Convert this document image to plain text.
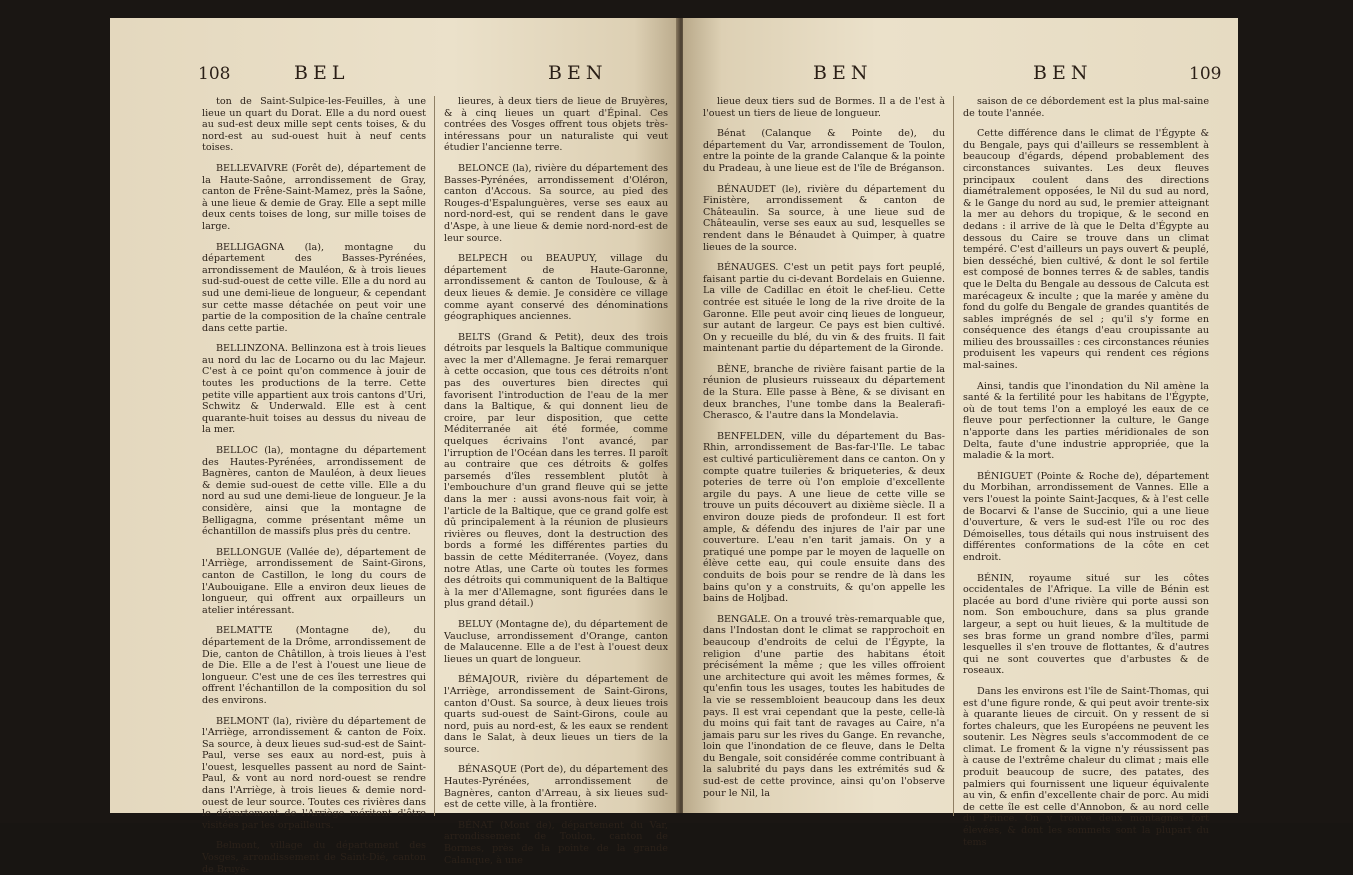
108	BEL	BEN

ton de Saint-Sulpice-les-Feuilles, à une lieue un quart du Dorat. Elle a du nord ouest au sud-est deux mille sept cents toises, & du nord-est au sud-ouest huit à neuf cents toises.

BELLEVAIVRE (Forêt de), département de la Haute-Saône, arrondissement de Gray, canton de Frêne-Saint-Mamez, près la Saône, à une lieue & demie de Gray. Elle a sept mille deux cents toises de long, sur mille toises de large.

BELLIGAGNA (la), montagne du département des Basses-Pyrénées, arrondissement de Mauléon, & à trois lieues sud-sud-ouest de cette ville. Elle a du nord au sud une demi-lieue de longueur, & cependant sur cette masse détachée on peut voir une partie de la composition de la chaîne centrale dans cette partie.

BELLINZONA. Bellinzona est à trois lieues au nord du lac de Locarno ou du lac Majeur. C'est à ce point qu'on commence à jouir de toutes les productions de la terre. Cette petite ville appartient aux trois cantons d'Uri, Schwitz & Underwald. Elle est à cent quarante-huit toises au dessus du niveau de la mer.

BELLOC (la), montagne du département des Hautes-Pyrénées, arrondissement de Bagnères, canton de Mauléon, à deux lieues & demie sud-ouest de cette ville. Elle a du nord au sud une demi-lieue de longueur. Je la considère, ainsi que la montagne de Belligagna, comme présentant même un échantillon de massifs plus près du centre.

BELLONGUE (Vallée de), département de l'Arriège, arrondissement de Saint-Girons, canton de Castillon, le long du cours de l'Aubouigane. Elle a environ deux lieues de longueur, qui offrent aux orpailleurs un atelier intéressant.

BELMATTE (Montagne de), du département de la Drôme, arrondissement de Die, canton de Châtillon, à trois lieues à l'est de Die. Elle a de l'est à l'ouest une lieue de longueur. C'est une de ces îles terrestres qui offrent l'échantillon de la composition du sol des environs.

BELMONT (la), rivière du département de l'Arriège, arrondissement & canton de Foix. Sa source, à deux lieues sud-sud-est de Saint-Paul, verse ses eaux au nord-est, puis à l'ouest, lesquelles passent au nord de Saint-Paul, & vont au nord nord-ouest se rendre dans l'Arriège, à trois lieues & demie nord-ouest de leur source. Toutes ces rivières dans le département de l'Arriège méritent d'être visitées par les orpailleurs.

Belmont, village du département des Vosges, arrondissement de Saint-Dié, canton de Bruyè-

lieures, à deux tiers de lieue de Bruyères, & à cinq lieues un quart d'Épinal. Ces contrées des Vosges offrent tous objets très-intéressans pour un naturaliste qui veut étudier l'ancienne terre.

BELONCE (la), rivière du département des Basses-Pyrénées, arrondissement d'Oléron, canton d'Accous. Sa source, au pied des Rouges-d'Espalunguères, verse ses eaux au nord-nord-est, qui se rendent dans le gave d'Aspe, à une lieue & demie nord-nord-est de leur source.

BELPECH ou BEAUPUY, village du département de Haute-Garonne, arrondissement & canton de Toulouse, & à deux lieues & demie. Je considère ce village comme ayant conservé des dénominations géographiques anciennes.

BELTS (Grand & Petit), deux des trois détroits par lesquels la Baltique communique avec la mer d'Allemagne. Je ferai remarquer à cette occasion, que tous ces détroits n'ont pas des ouvertures bien directes qui favorisent l'introduction de l'eau de la mer dans la Baltique, & qui donnent lieu de croire, par leur disposition, que cette Méditerranée ait été formée, comme quelques écrivains l'ont avancé, par l'irruption de l'Océan dans les terres. Il paroît au contraire que ces détroits & golfes parsemés d'îles ressemblent plutôt à l'embouchure d'un grand fleuve qui se jette dans la mer : aussi avons-nous fait voir, à l'article de la Baltique, que ce grand golfe est dû principalement à la réunion de plusieurs rivières ou fleuves, dont la destruction des bords a formé les différentes parties du bassin de cette Méditerranée. (Voyez, dans notre Atlas, une Carte où toutes les formes des détroits qui communiquent de la Baltique à la mer d'Allemagne, sont figurées dans le plus grand détail.)

BELUY (Montagne de), du département de Vaucluse, arrondissement d'Orange, canton de Malaucenne. Elle a de l'est à l'ouest deux lieues un quart de longueur.

BÉMAJOUR, rivière du département de l'Arriège, arrondissement de Saint-Girons, canton d'Oust. Sa source, à deux lieues trois quarts sud-ouest de Saint-Girons, coule au nord, puis au nord-est, & les eaux se rendent dans le Salat, à deux lieues un tiers de la source.

BÉNASQUE (Port de), du département des Hautes-Pyrénées, arrondissement de Bagnères, canton d'Arreau, à six lieues sud-est de cette ville, à la frontière.

BÉNAT (Mont de), département du Var, arrondissement de Toulon, canton de Bormes, près de la pointe de la grande Calanque, à une

BEN	BEN	109

lieue deux tiers sud de Bormes. Il a de l'est à l'ouest un tiers de lieue de longueur.

Bénat (Calanque & Pointe de), du département du Var, arrondissement de Toulon, entre la pointe de la grande Calanque & la pointe du Pradeau, à une lieue est de l'île de Bréganson.

BÉNAUDET (le), rivière du département du Finistère, arrondissement & canton de Châteaulin. Sa source, à une lieue sud de Châteaulin, verse ses eaux au sud, lesquelles se rendent dans le Bénaudet à Quimper, à quatre lieues de la source.

BÉNAUGES. C'est un petit pays fort peuplé, faisant partie du ci-devant Bordelais en Guienne. La ville de Cadillac en étoit le chef-lieu. Cette contrée est située le long de la rive droite de la Garonne. Elle peut avoir cinq lieues de longueur, sur autant de largeur. Ce pays est bien cultivé. On y recueille du blé, du vin & des fruits. Il fait maintenant partie du département de la Gironde.

BÈNE, branche de rivière faisant partie de la réunion de plusieurs ruisseaux du département de la Stura. Elle passe à Bène, & se divisant en deux branches, l'une tombe dans la Bealerafi-Cherasco, & l'autre dans la Mondelavia.

BENFELDEN, ville du département du Bas-Rhin, arrondissement de Bas-far-l'Ile. Le tabac est cultivé particulièrement dans ce canton. On y compte quatre tuileries & briqueteries, & deux poteries de terre où l'on emploie d'excellente argile du pays. A une lieue de cette ville se trouve un puits découvert au dixième siècle. Il a environ douze pieds de profondeur. Il est fort ample, & défendu des injures de l'air par une couverture. L'eau n'en tarit jamais. On y a pratiqué une pompe par le moyen de laquelle on élève cette eau, qui coule ensuite dans des conduits de bois pour se rendre de là dans les bains qu'on y a construits, & qu'on appelle les bains de Holjbad.

BENGALE. On a trouvé très-remarquable que, dans l'Indostan dont le climat se rapprochoit en beaucoup d'endroits de celui de l'Égypte, la religion d'une partie des habitans étoit précisément la même ; que les villes offroient une architecture qui avoit les mêmes formes, & qu'enfin tous les usages, toutes les habitudes de la vie se ressembloient beaucoup dans les deux pays. Il est vrai cependant que la peste, celle-là du moins qui fait tant de ravages au Caire, n'a jamais paru sur les rives du Gange. En revanche, loin que l'inondation de ce fleuve, dans le Delta du Bengale, soit considérée comme contribuant à la salubrité du pays dans les extrémités sud & sud-est de cette province, ainsi qu'on l'observe pour le Nil, la

saison de ce débordement est la plus mal-saine de toute l'année.

Cette différence dans le climat de l'Égypte & du Bengale, pays qui d'ailleurs se ressemblent à beaucoup d'égards, dépend probablement des circonstances suivantes. Les deux fleuves principaux coulent dans des directions diamétralement opposées, le Nil du sud au nord, & le Gange du nord au sud, le premier atteignant la mer au dehors du tropique, & le second en dedans : il arrive de là que le Delta d'Égypte au dessous du Caire se trouve dans un climat tempéré. C'est d'ailleurs un pays ouvert & peuplé, bien desséché, bien cultivé, & dont le sol fertile est composé de bonnes terres & de sables, tandis que le Delta du Bengale au dessous de Calcuta est marécageux & inculte ; que la marée y amène du fond du golfe du Bengale de grandes quantités de sables imprégnés de sel ; qu'il s'y forme en conséquence des étangs d'eau croupissante au milieu des broussailles : ces circonstances réunies produisent les vapeurs qui rendent ces régions mal-saines.

Ainsi, tandis que l'inondation du Nil amène la santé & la fertilité pour les habitans de l'Égypte, où de tout tems l'on a employé les eaux de ce fleuve pour perfectionner la culture, le Gange n'apporte dans les parties méridionales de son Delta, faute d'une industrie appropriée, que la maladie & la mort.

BÉNIGUET (Pointe & Roche de), département du Morbihan, arrondissement de Vannes. Elle a vers l'ouest la pointe Saint-Jacques, & à l'est celle de Bocarvi & l'anse de Succinio, qui a une lieue d'ouverture, & vers le sud-est l'île ou roc des Démoiselles, tous détails qui nous instruisent des différentes conformations de la côte en cet endroit.

BÉNIN, royaume situé sur les côtes occidentales de l'Afrique. La ville de Bénin est placée au bord d'une rivière qui porte aussi son nom. Son embouchure, dans sa plus grande largeur, a sept ou huit lieues, & la multitude de ses bras forme un grand nombre d'îles, parmi lesquelles il s'en trouve de flottantes, & d'autres qui ne sont couvertes que d'arbustes & de roseaux.

Dans les environs est l'île de Saint-Thomas, qui est d'une figure ronde, & qui peut avoir trente-six à quarante lieues de circuit. On y ressent de si fortes chaleurs, que les Européens ne peuvent les soutenir. Les Nègres seuls s'accommodent de ce climat. Le froment & la vigne n'y réussissent pas à cause de l'extrême chaleur du climat ; mais elle produit beaucoup de sucre, des patates, des palmiers qui fournissent une liqueur équivalente au vin, & enfin d'excellente chair de porc. Au midi de cette île est celle d'Annobon, & au nord celle du Prince. On y trouve deux montagnes fort élevées, & dont les sommets sont la plupart du tems
